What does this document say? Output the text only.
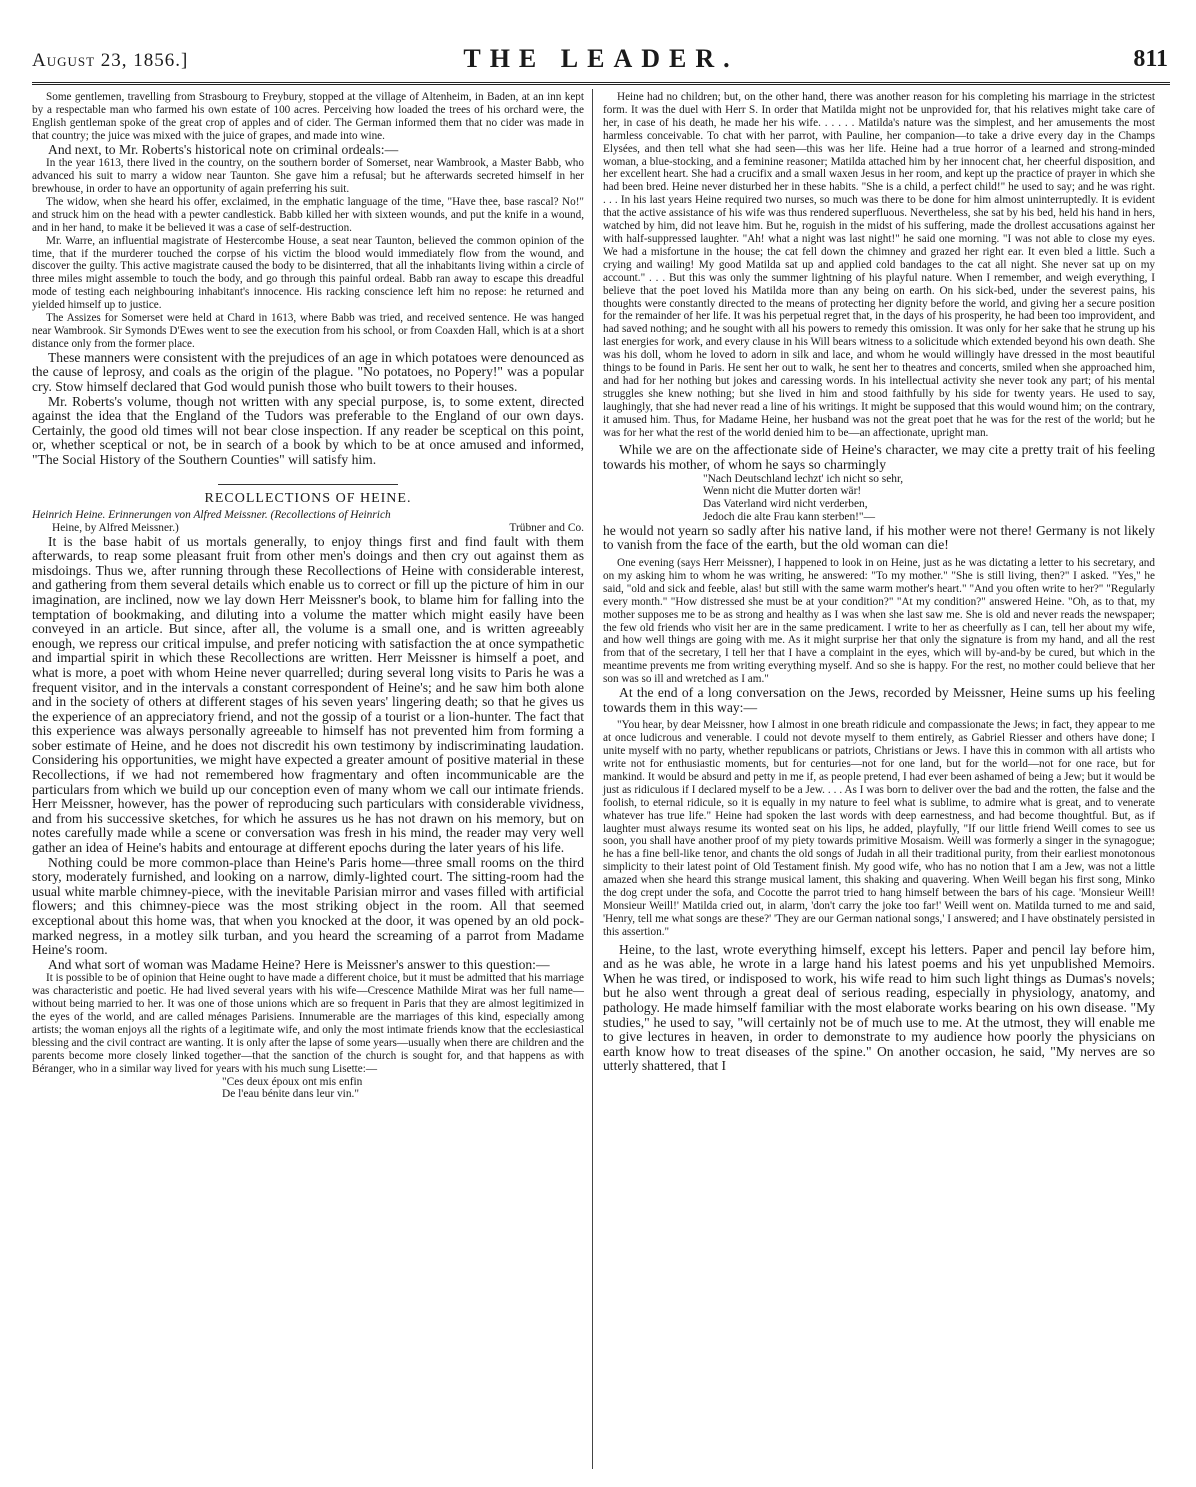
August 23, 1856.]	THE LEADER.	811

Some gentlemen, travelling from Strasbourg to Freybury, stopped at the village of Altenheim, in Baden, at an inn kept by a respectable man who farmed his own estate of 100 acres. Perceiving how loaded the trees of his orchard were, the English gentleman spoke of the great crop of apples and of cider. The German informed them that no cider was made in that country; the juice was mixed with the juice of grapes, and made into wine.

And next, to Mr. Roberts's historical note on criminal ordeals:—

In the year 1613, there lived in the country, on the southern border of Somerset, near Wambrook, a Master Babb, who advanced his suit to marry a widow near Taunton. She gave him a refusal; but he afterwards secreted himself in her brewhouse, in order to have an opportunity of again preferring his suit.

The widow, when she heard his offer, exclaimed, in the emphatic language of the time, "Have thee, base rascal? No!" and struck him on the head with a pewter candlestick. Babb killed her with sixteen wounds, and put the knife in a wound, and in her hand, to make it be believed it was a case of self-destruction.

Mr. Warre, an influential magistrate of Hestercombe House, a seat near Taunton, believed the common opinion of the time, that if the murderer touched the corpse of his victim the blood would immediately flow from the wound, and discover the guilty. This active magistrate caused the body to be disinterred, that all the inhabitants living within a circle of three miles might assemble to touch the body, and go through this painful ordeal. Babb ran away to escape this dreadful mode of testing each neighbouring inhabitant's innocence. His racking conscience left him no repose: he returned and yielded himself up to justice.

The Assizes for Somerset were held at Chard in 1613, where Babb was tried, and received sentence. He was hanged near Wambrook. Sir Symonds D'Ewes went to see the execution from his school, or from Coaxden Hall, which is at a short distance only from the former place.

These manners were consistent with the prejudices of an age in which potatoes were denounced as the cause of leprosy, and coals as the origin of the plague. "No potatoes, no Popery!" was a popular cry. Stow himself declared that God would punish those who built towers to their houses.

Mr. Roberts's volume, though not written with any special purpose, is, to some extent, directed against the idea that the England of the Tudors was preferable to the England of our own days. Certainly, the good old times will not bear close inspection. If any reader be sceptical on this point, or, whether sceptical or not, be in search of a book by which to be at once amused and informed, "The Social History of the Southern Counties" will satisfy him.

RECOLLECTIONS OF HEINE.
Heinrich Heine. Erinnerungen von Alfred Meissner. (Recollections of Heinrich
Heine, by Alfred Meissner.)	Trübner and Co.

It is the base habit of us mortals generally, to enjoy things first and find fault with them afterwards, to reap some pleasant fruit from other men's doings and then cry out against them as misdoings. Thus we, after running through these Recollections of Heine with considerable interest, and gathering from them several details which enable us to correct or fill up the picture of him in our imagination, are inclined, now we lay down Herr Meissner's book, to blame him for falling into the temptation of bookmaking, and diluting into a volume the matter which might easily have been conveyed in an article. But since, after all, the volume is a small one, and is written agreeably enough, we repress our critical impulse, and prefer noticing with satisfaction the at once sympathetic and impartial spirit in which these Recollections are written. Herr Meissner is himself a poet, and what is more, a poet with whom Heine never quarrelled; during several long visits to Paris he was a frequent visitor, and in the intervals a constant correspondent of Heine's; and he saw him both alone and in the society of others at different stages of his seven years' lingering death; so that he gives us the experience of an appreciatory friend, and not the gossip of a tourist or a lion-hunter. The fact that this experience was always personally agreeable to himself has not prevented him from forming a sober estimate of Heine, and he does not discredit his own testimony by indiscriminating laudation. Considering his opportunities, we might have expected a greater amount of positive material in these Recollections, if we had not remembered how fragmentary and often incommunicable are the particulars from which we build up our conception even of many whom we call our intimate friends. Herr Meissner, however, has the power of reproducing such particulars with considerable vividness, and from his successive sketches, for which he assures us he has not drawn on his memory, but on notes carefully made while a scene or conversation was fresh in his mind, the reader may very well gather an idea of Heine's habits and entourage at different epochs during the later years of his life.

Nothing could be more common-place than Heine's Paris home—three small rooms on the third story, moderately furnished, and looking on a narrow, dimly-lighted court. The sitting-room had the usual white marble chimney-piece, with the inevitable Parisian mirror and vases filled with artificial flowers; and this chimney-piece was the most striking object in the room. All that seemed exceptional about this home was, that when you knocked at the door, it was opened by an old pock-marked negress, in a motley silk turban, and you heard the screaming of a parrot from Madame Heine's room.

And what sort of woman was Madame Heine? Here is Meissner's answer to this question:—

It is possible to be of opinion that Heine ought to have made a different choice, but it must be admitted that his marriage was characteristic and poetic. He had lived several years with his wife—Crescence Mathilde Mirat was her full name—without being married to her. It was one of those unions which are so frequent in Paris that they are almost legitimized in the eyes of the world, and are called ménages Parisiens. Innumerable are the marriages of this kind, especially among artists; the woman enjoys all the rights of a legitimate wife, and only the most intimate friends know that the ecclesiastical blessing and the civil contract are wanting. It is only after the lapse of some years—usually when there are children and the parents become more closely linked together—that the sanction of the church is sought for, and that happens as with Béranger, who in a similar way lived for years with his much sung Lisette:—

"Ces deux époux ont mis enfin
De l'eau bénite dans leur vin."

Heine had no children; but, on the other hand, there was another reason for his completing his marriage in the strictest form. It was the duel with Herr S. In order that Matilda might not be unprovided for, that his relatives might take care of her, in case of his death, he made her his wife. . . . . . Matilda's nature was the simplest, and her amusements the most harmless conceivable. To chat with her parrot, with Pauline, her companion—to take a drive every day in the Champs Elysées, and then tell what she had seen—this was her life. Heine had a true horror of a learned and strong-minded woman, a blue-stocking, and a feminine reasoner; Matilda attached him by her innocent chat, her cheerful disposition, and her excellent heart. She had a crucifix and a small waxen Jesus in her room, and kept up the practice of prayer in which she had been bred. Heine never disturbed her in these habits. "She is a child, a perfect child!" he used to say; and he was right. . . . In his last years Heine required two nurses, so much was there to be done for him almost uninterruptedly. It is evident that the active assistance of his wife was thus rendered superfluous. Nevertheless, she sat by his bed, held his hand in hers, watched by him, did not leave him. But he, roguish in the midst of his suffering, made the drollest accusations against her with half-suppressed laughter. "Ah! what a night was last night!" he said one morning. "I was not able to close my eyes. We had a misfortune in the house; the cat fell down the chimney and grazed her right ear. It even bled a little. Such a crying and wailing! My good Matilda sat up and applied cold bandages to the cat all night. She never sat up on my account." . . . But this was only the summer lightning of his playful nature. When I remember, and weigh everything, I believe that the poet loved his Matilda more than any being on earth. On his sick-bed, under the severest pains, his thoughts were constantly directed to the means of protecting her dignity before the world, and giving her a secure position for the remainder of her life. It was his perpetual regret that, in the days of his prosperity, he had been too improvident, and had saved nothing; and he sought with all his powers to remedy this omission. It was only for her sake that he strung up his last energies for work, and every clause in his Will bears witness to a solicitude which extended beyond his own death. She was his doll, whom he loved to adorn in silk and lace, and whom he would willingly have dressed in the most beautiful things to be found in Paris. He sent her out to walk, he sent her to theatres and concerts, smiled when she approached him, and had for her nothing but jokes and caressing words. In his intellectual activity she never took any part; of his mental struggles she knew nothing; but she lived in him and stood faithfully by his side for twenty years. He used to say, laughingly, that she had never read a line of his writings. It might be supposed that this would wound him; on the contrary, it amused him. Thus, for Madame Heine, her husband was not the great poet that he was for the rest of the world; but he was for her what the rest of the world denied him to be—an affectionate, upright man.

While we are on the affectionate side of Heine's character, we may cite a pretty trait of his feeling towards his mother, of whom he says so charmingly

"Nach Deutschland lechzt' ich nicht so sehr,
Wenn nicht die Mutter dorten wär!
Das Vaterland wird nicht verderben,
Jedoch die alte Frau kann sterben!"—

he would not yearn so sadly after his native land, if his mother were not there! Germany is not likely to vanish from the face of the earth, but the old woman can die!

One evening (says Herr Meissner), I happened to look in on Heine, just as he was dictating a letter to his secretary, and on my asking him to whom he was writing, he answered: "To my mother." "She is still living, then?" I asked. "Yes," he said, "old and sick and feeble, alas! but still with the same warm mother's heart." "And you often write to her?" "Regularly every month." "How distressed she must be at your condition?" "At my condition?" answered Heine. "Oh, as to that, my mother supposes me to be as strong and healthy as I was when she last saw me. She is old and never reads the newspaper; the few old friends who visit her are in the same predicament. I write to her as cheerfully as I can, tell her about my wife, and how well things are going with me. As it might surprise her that only the signature is from my hand, and all the rest from that of the secretary, I tell her that I have a complaint in the eyes, which will by-and-by be cured, but which in the meantime prevents me from writing everything myself. And so she is happy. For the rest, no mother could believe that her son was so ill and wretched as I am."

At the end of a long conversation on the Jews, recorded by Meissner, Heine sums up his feeling towards them in this way:—

"You hear, by dear Meissner, how I almost in one breath ridicule and compassionate the Jews; in fact, they appear to me at once ludicrous and venerable. I could not devote myself to them entirely, as Gabriel Riesser and others have done; I unite myself with no party, whether republicans or patriots, Christians or Jews. I have this in common with all artists who write not for enthusiastic moments, but for centuries—not for one land, but for the world—not for one race, but for mankind. It would be absurd and petty in me if, as people pretend, I had ever been ashamed of being a Jew; but it would be just as ridiculous if I declared myself to be a Jew. . . . As I was born to deliver over the bad and the rotten, the false and the foolish, to eternal ridicule, so it is equally in my nature to feel what is sublime, to admire what is great, and to venerate whatever has true life." Heine had spoken the last words with deep earnestness, and had become thoughtful. But, as if laughter must always resume its wonted seat on his lips, he added, playfully, "If our little friend Weill comes to see us soon, you shall have another proof of my piety towards primitive Mosaism. Weill was formerly a singer in the synagogue; he has a fine bell-like tenor, and chants the old songs of Judah in all their traditional purity, from their earliest monotonous simplicity to their latest point of Old Testament finish. My good wife, who has no notion that I am a Jew, was not a little amazed when she heard this strange musical lament, this shaking and quavering. When Weill began his first song, Minko the dog crept under the sofa, and Cocotte the parrot tried to hang himself between the bars of his cage. 'Monsieur Weill! Monsieur Weill!' Matilda cried out, in alarm, 'don't carry the joke too far!' Weill went on. Matilda turned to me and said, 'Henry, tell me what songs are these?' 'They are our German national songs,' I answered; and I have obstinately persisted in this assertion."

Heine, to the last, wrote everything himself, except his letters. Paper and pencil lay before him, and as he was able, he wrote in a large hand his latest poems and his yet unpublished Memoirs. When he was tired, or indisposed to work, his wife read to him such light things as Dumas's novels; but he also went through a great deal of serious reading, especially in physiology, anatomy, and pathology. He made himself familiar with the most elaborate works bearing on his own disease. "My studies," he used to say, "will certainly not be of much use to me. At the utmost, they will enable me to give lectures in heaven, in order to demonstrate to my audience how poorly the physicians on earth know how to treat diseases of the spine." On another occasion, he said, "My nerves are so utterly shattered, that I
